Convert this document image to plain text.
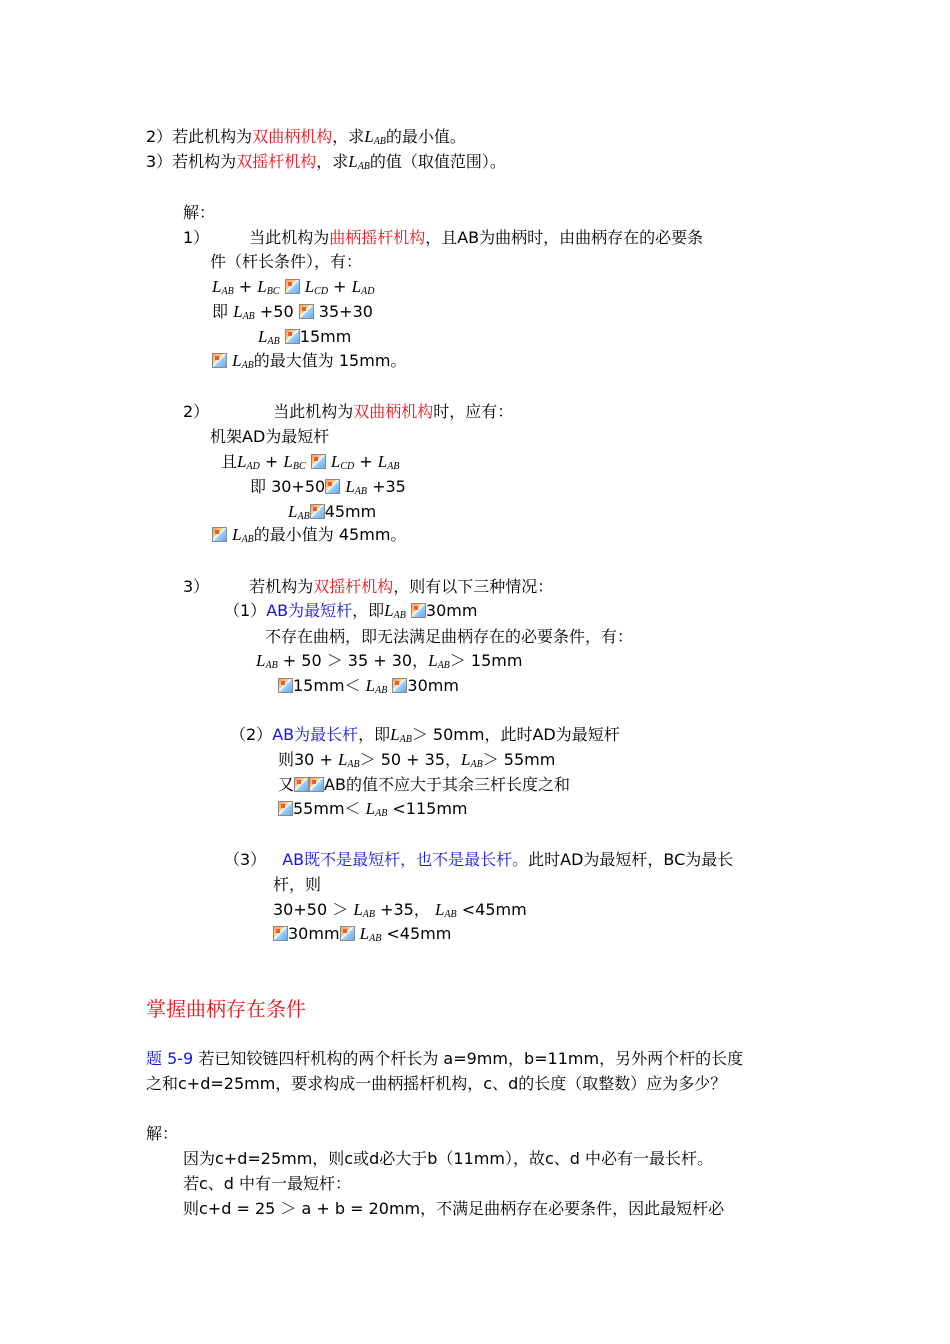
2）若此机构为双曲柄机构，求$L_{AB}$的最小值。
3）若机构为双摇杆机构，求$L_{AB}$的值（取值范围）。
解：
1）	当此机构为曲柄摇杆机构，且AB为曲柄时，由曲柄存在的必要条
件（杆长条件），有：
$L_{AB} + L_{BC}$ $L_{CD} + L_{AD}$
即 $L_{AB} +50$  35+30
$L_{AB}$ 15mm
$L_{AB}$的最大值为 15mm。
2）	当此机构为双曲柄机构时，应有：
机架AD为最短杆
且$L_{AD} + L_{BC}$ $L_{CD} + L_{AB}$
即 30+50 $L_{AB} +35$
$L_{AB}$ 45mm
$L_{AB}$的最小值为 45mm。
3）	若机构为双摇杆机构，则有以下三种情况：
（1）AB为最短杆，即$L_{AB}$ 30mm
不存在曲柄，即无法满足曲柄存在的必要条件，有：
$L_{AB} + 50 > 35 + 30$，$L_{AB}> 15mm$
$15mm< L_{AB}$ 30mm
（2）AB为最长杆，即$L_{AB}> 50mm$，此时AD为最短杆
则$30 + L_{AB}> 50 + 35$，$L_{AB}> 55mm$
又 AB的值不应大于其余三杆长度之和
$55mm< L_{AB} <115mm$
（3） AB既不是最短杆，也不是最长杆。此时AD为最短杆，BC为最长
杆，则
$30+50 > L_{AB} +35$， $L_{AB} <45mm$
30mm $L_{AB} <45mm$
掌握曲柄存在条件
题 5-9 若已知铰链四杆机构的两个杆长为 a=9mm，b=11mm，另外两个杆的长度
之和c+d=25mm，要求构成一曲柄摇杆机构，c、d的长度（取整数）应为多少？
解：
因为c+d=25mm，则c或d必大于b（11mm），故c、d 中必有一最长杆。
若c、d 中有一最短杆：
则c+d = 25 ＞ a + b = 20mm，不满足曲柄存在必要条件，因此最短杆必
